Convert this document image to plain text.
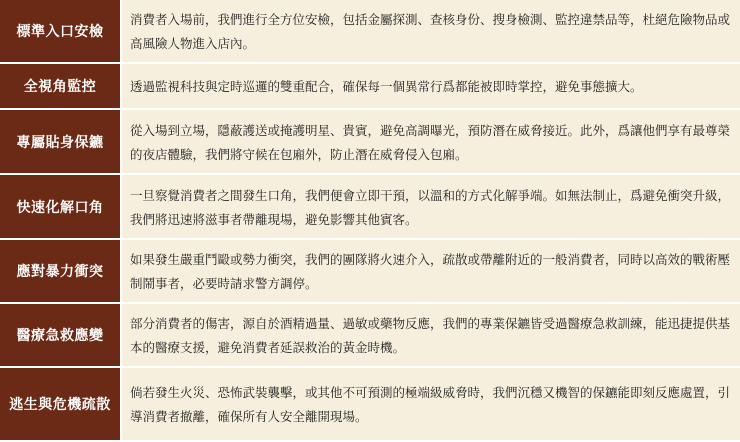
標準入口安檢
消費者入場前，我們進行全方位安檢，包括金屬探測、查核身份、搜身檢測、監控違禁品等，杜絕危險物品或高風險人物進入店內。
全視角監控	透過監視科技與定時巡邏的雙重配合，確保每一個異常行爲都能被即時掌控，避免事態擴大。
專屬貼身保鑣
從入場到立場，隱蔽護送或掩護明星、貴賓，避免高調曝光，預防潛在威脅接近。此外，爲讓他們享有最尊榮的夜店體驗，我們將守候在包廂外，防止潛在威脅侵入包廂。
快速化解口角
一旦察覺消費者之間發生口角，我們便會立即干預，以溫和的方式化解爭端。如無法制止，爲避免衝突升級，我們將迅速將滋事者帶離現場，避免影響其他賓客。
應對暴力衝突
如果發生嚴重鬥毆或勢力衝突，我們的團隊將火速介入，疏散或帶離附近的一般消費者，同時以高效的戰術壓制鬧事者，必要時請求警方調停。
醫療急救應變
部分消費者的傷害，源自於酒精過量、過敏或藥物反應，我們的專業保鑣皆受過醫療急救訓練，能迅捷提供基本的醫療支援，避免消費者延誤救治的黃金時機。
逃生與危機疏散
倘若發生火災、恐怖武裝襲擊，或其他不可預測的極端級威脅時，我們沉穩又機智的保鑣能即刻反應處置，引導消費者撤離，確保所有人安全離開現場。
